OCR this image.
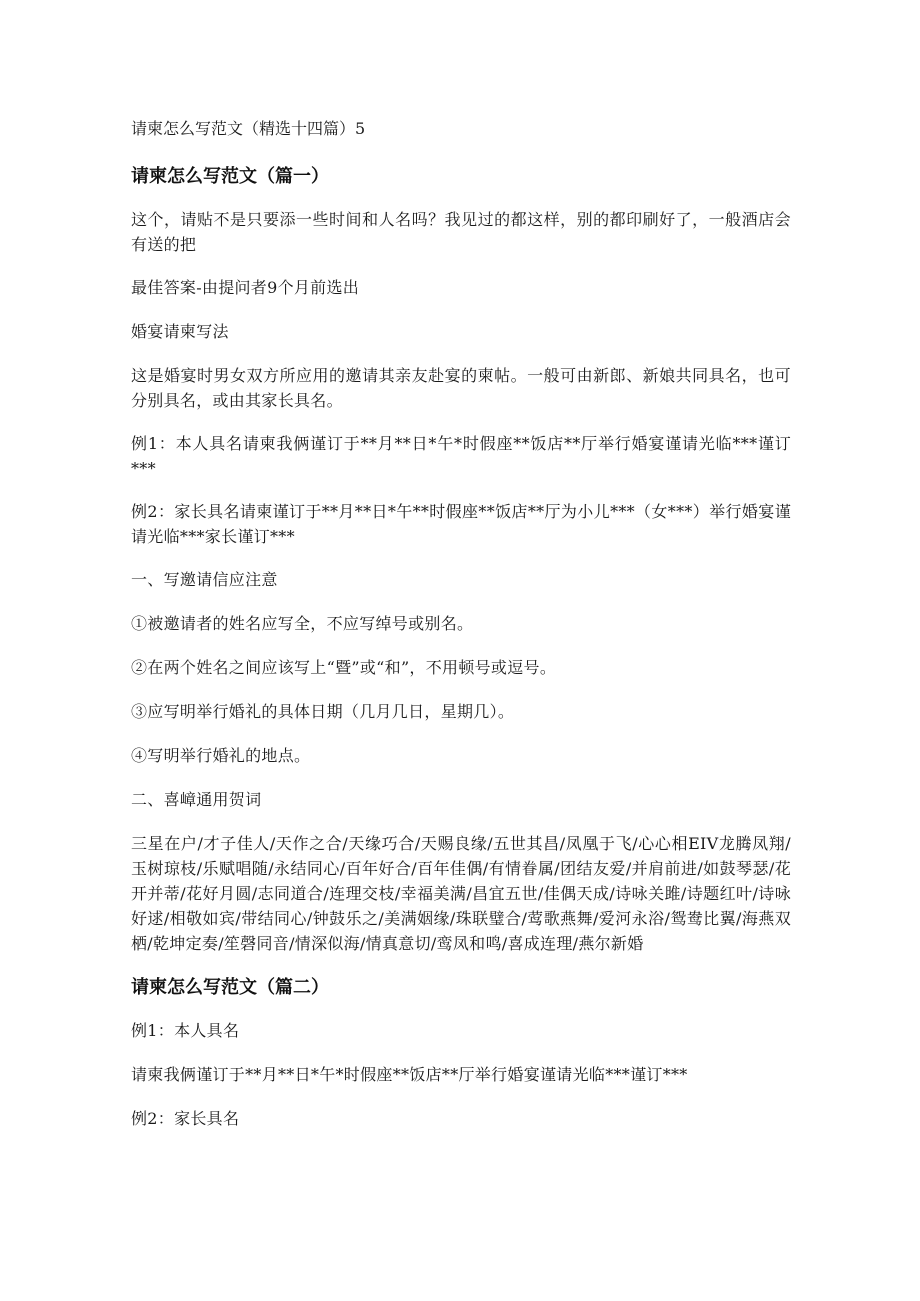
请柬怎么写范文（精选十四篇）5
请柬怎么写范文（篇一）

这个，请贴不是只要添一些时间和人名吗？我见过的都这样，别的都印刷好了，一般酒店会有送的把

最佳答案-由提问者9个月前选出

婚宴请柬写法

这是婚宴时男女双方所应用的邀请其亲友赴宴的柬帖。一般可由新郎、新娘共同具名，也可分别具名，或由其家长具名。

例1：本人具名请柬我俩谨订于**月**日*午*时假座**饭店**厅举行婚宴谨请光临***谨订***

例2：家长具名请柬谨订于**月**日*午**时假座**饭店**厅为小儿***（女***）举行婚宴谨请光临***家长谨订***

一、写邀请信应注意

①被邀请者的姓名应写全，不应写绰号或别名。

②在两个姓名之间应该写上“暨”或“和”，不用顿号或逗号。

③应写明举行婚礼的具体日期（几月几日，星期几）。

④写明举行婚礼的地点。

二、喜嶂通用贺词

三星在户/才子佳人/天作之合/天缘巧合/天赐良缘/五世其昌/凤凰于飞/心心相EIV龙腾凤翔/玉树琼枝/乐赋唱随/永结同心/百年好合/百年佳偶/有情眷属/团结友爱/并肩前进/如鼓琴瑟/花开并蒂/花好月圆/志同道合/连理交枝/幸福美满/昌宜五世/佳偶天成/诗咏关雎/诗题红叶/诗咏好逑/相敬如宾/带结同心/钟鼓乐之/美满姻缘/珠联璧合/莺歌燕舞/爱河永浴/鸳鸯比翼/海燕双栖/乾坤定奏/笙磬同音/情深似海/情真意切/鸾凤和鸣/喜成连理/燕尔新婚

请柬怎么写范文（篇二）

例1：本人具名

请柬我俩谨订于**月**日*午*时假座**饭店**厅举行婚宴谨请光临***谨订***

例2：家长具名
